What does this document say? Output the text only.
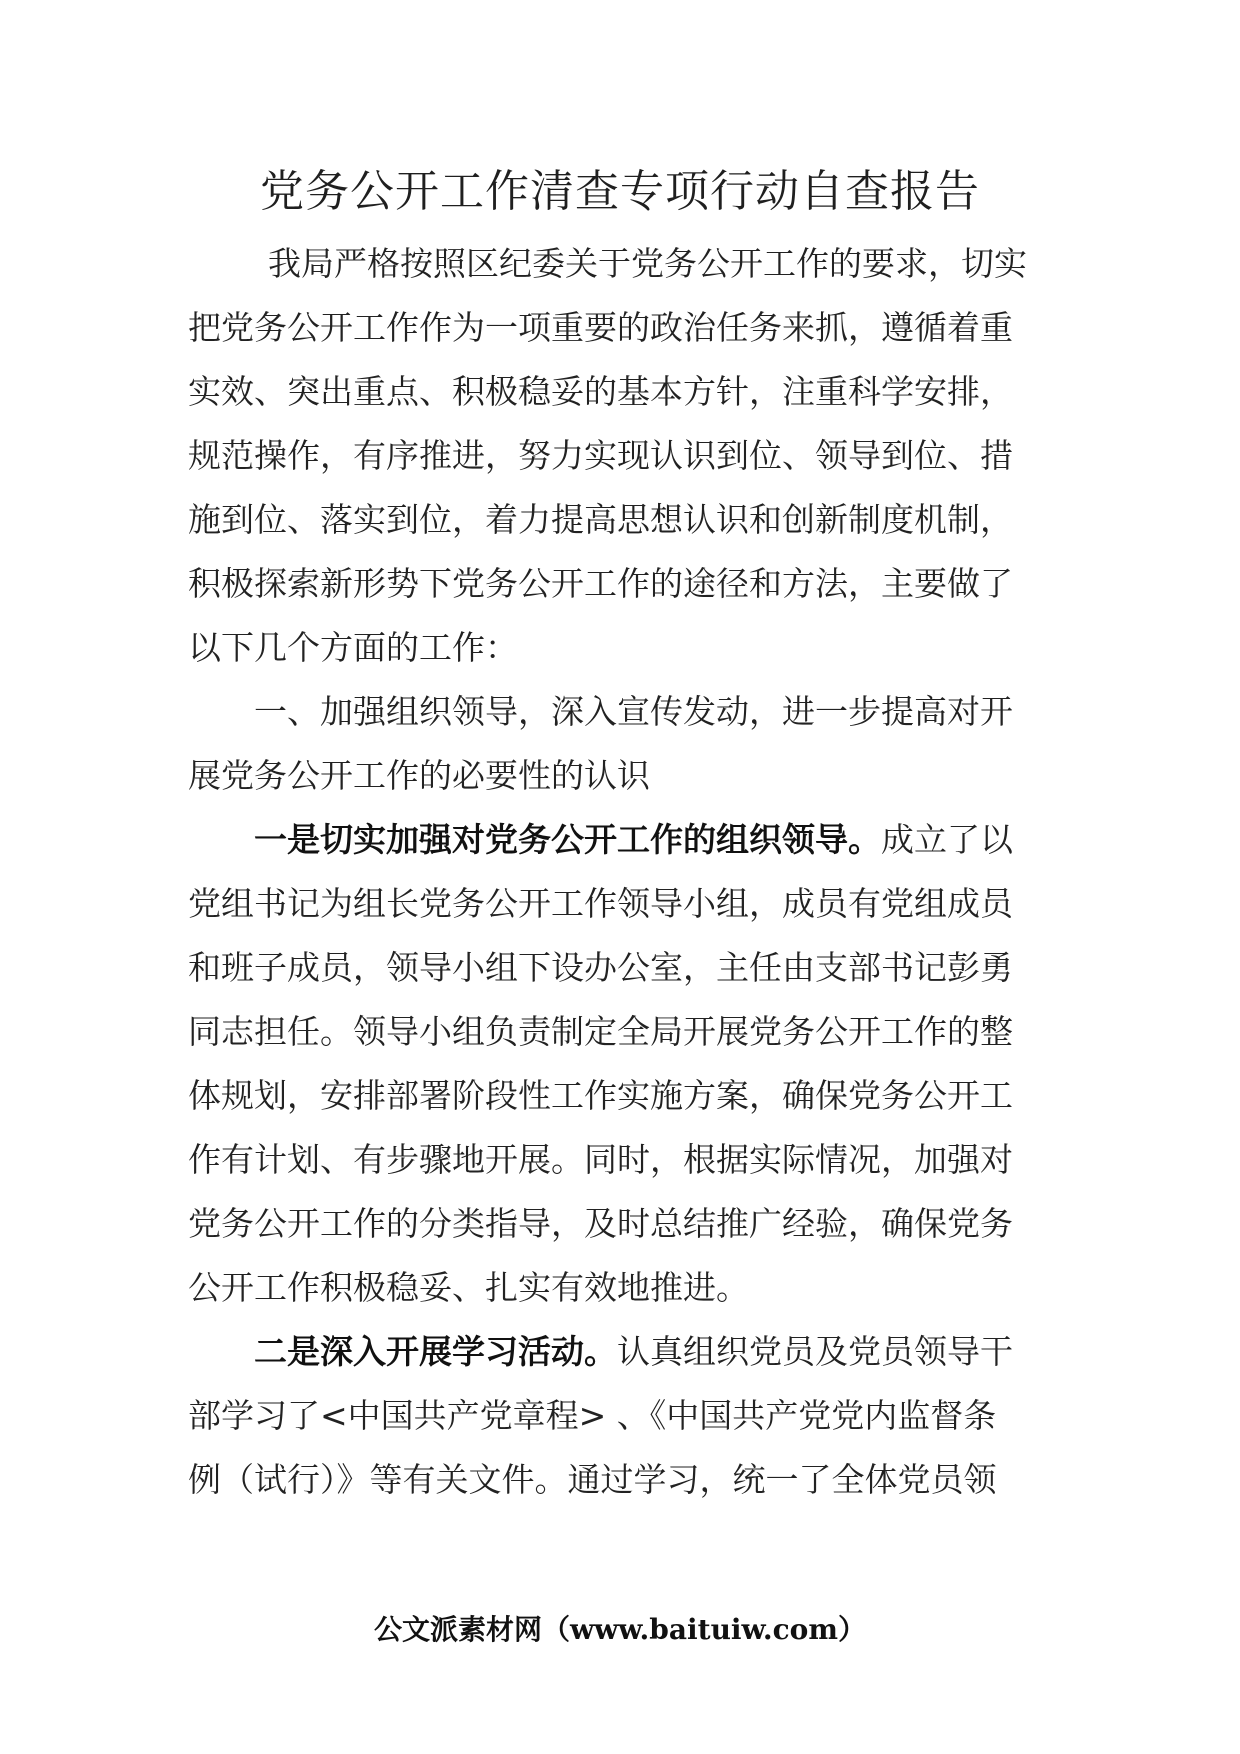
党务公开工作清查专项行动自查报告
我局严格按照区纪委关于党务公开工作的要求，切实
把党务公开工作作为一项重要的政治任务来抓，遵循着重
实效、突出重点、积极稳妥的基本方针，注重科学安排，
规范操作，有序推进，努力实现认识到位、领导到位、措
施到位、落实到位，着力提高思想认识和创新制度机制，
积极探索新形势下党务公开工作的途径和方法，主要做了
以下几个方面的工作：
一、加强组织领导，深入宣传发动，进一步提高对开
展党务公开工作的必要性的认识
一是切实加强对党务公开工作的组织领导。成立了以
党组书记为组长党务公开工作领导小组，成员有党组成员
和班子成员，领导小组下设办公室，主任由支部书记彭勇
同志担任。领导小组负责制定全局开展党务公开工作的整
体规划，安排部署阶段性工作实施方案，确保党务公开工
作有计划、有步骤地开展。同时，根据实际情况，加强对
党务公开工作的分类指导，及时总结推广经验，确保党务
公开工作积极稳妥、扎实有效地推进。
二是深入开展学习活动。认真组织党员及党员领导干
部学习了<中国共产党章程> 、《中国共产党党内监督条
例（试行）》等有关文件。通过学习，统一了全体党员领
公文派素材网（www.baituiw.com）
